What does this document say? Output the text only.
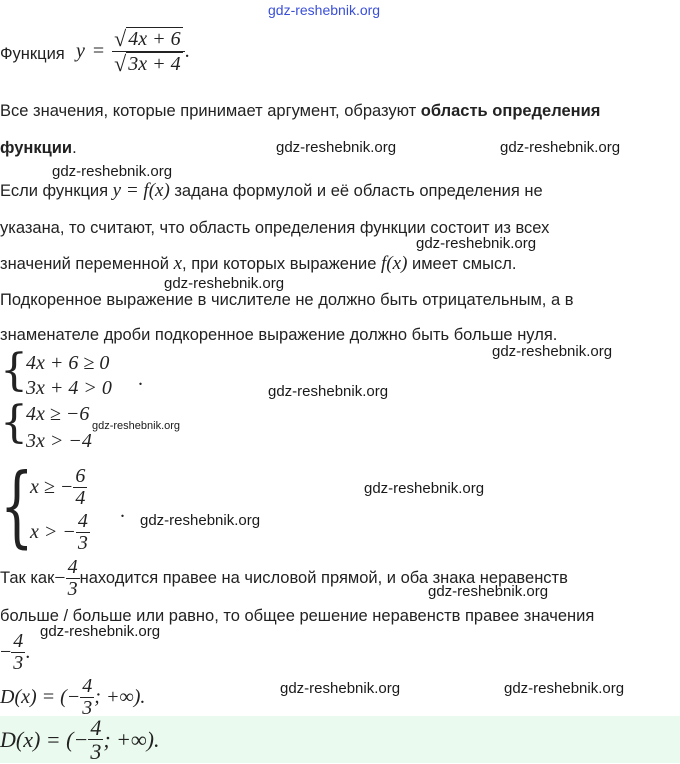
gdz-reshebnik.org
Функция $y = \frac{√ 4x + 6}{√ 3x + 4}$ .
Все значения, которые принимает аргумент, образуют область определения
функции.	gdz-reshebnik.org	gdz-reshebnik.org
gdz-reshebnik.org
Если функция y = f(x) задана формулой и её область определения не
указана, то считают, что область определения функции состоит из всех
gdz-reshebnik.org
значений переменной x, при которых выражение f(x) имеет смысл.
gdz-reshebnik.org
Подкоренное выражение в числителе не должно быть отрицательным, а в
знаменателе дроби подкоренное выражение должно быть больше нуля.
gdz-reshebnik.org
{
4x + 6 ≥ 0
3x + 4 > 0 .
gdz-reshebnik.org
{
4x ≥ −6
3x > −4
gdz-reshebnik.org
{
x ≥ − $\frac{6}{4}$
x > − $\frac{4}{3}$ .
gdz-reshebnik.org
gdz-reshebnik.org
Так как − $\frac{4}{3}$ находится правее на числовой прямой, и оба знака неравенств
gdz-reshebnik.org
больше / больше или равно, то общее решение неравенств правее значения
gdz-reshebnik.org
− $\frac{4}{3}$ .
D(x) = (− $\frac{4}{3}$ ; +∞).	gdz-reshebnik.org	gdz-reshebnik.org
D(x) = (− $\frac{4}{3}$ ; +∞).
